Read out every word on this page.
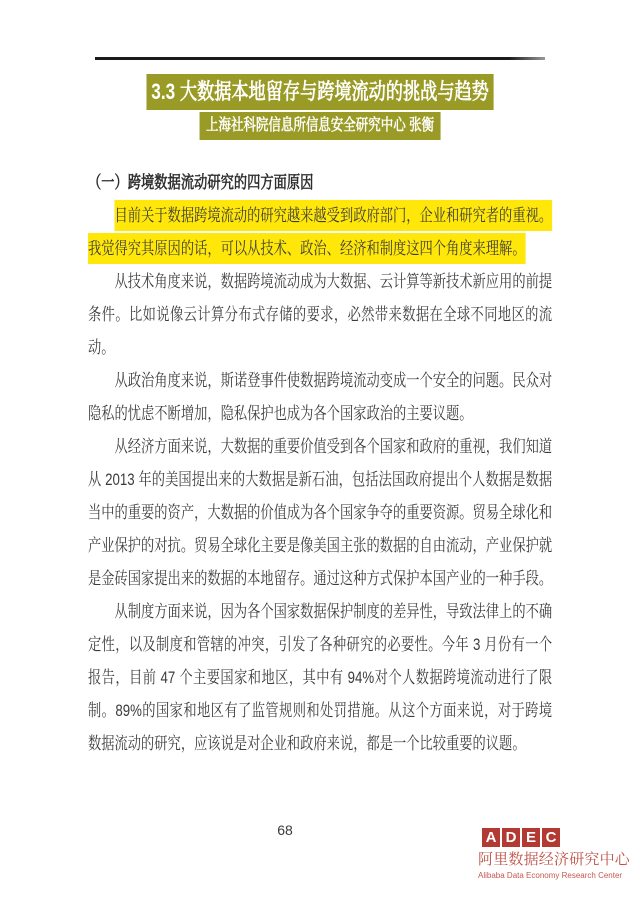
3.3 大数据本地留存与跨境流动的挑战与趋势
上海社科院信息所信息安全研究中心 张衡

（一）跨境数据流动研究的四方面原因

目前关于数据跨境流动的研究越来越受到政府部门，企业和研究者的重视。我觉得究其原因的话，可以从技术、政治、经济和制度这四个角度来理解。

从技术角度来说，数据跨境流动成为大数据、云计算等新技术新应用的前提条件。比如说像云计算分布式存储的要求，必然带来数据在全球不同地区的流动。

从政治角度来说，斯诺登事件使数据跨境流动变成一个安全的问题。民众对隐私的忧虑不断增加，隐私保护也成为各个国家政治的主要议题。

从经济方面来说，大数据的重要价值受到各个国家和政府的重视，我们知道从 2013 年的美国提出来的大数据是新石油，包括法国政府提出个人数据是数据当中的重要的资产，大数据的价值成为各个国家争夺的重要资源。贸易全球化和产业保护的对抗。贸易全球化主要是像美国主张的数据的自由流动，产业保护就是金砖国家提出来的数据的本地留存。通过这种方式保护本国产业的一种手段。

从制度方面来说，因为各个国家数据保护制度的差异性，导致法律上的不确定性，以及制度和管辖的冲突，引发了各种研究的必要性。今年 3 月份有一个报告，目前 47 个主要国家和地区，其中有 94%对个人数据跨境流动进行了限制。89%的国家和地区有了监管规则和处罚措施。从这个方面来说，对于跨境数据流动的研究，应该说是对企业和政府来说，都是一个比较重要的议题。

68	A D E C
阿里数据经济研究中心
Alibaba Data Economy Research Center
